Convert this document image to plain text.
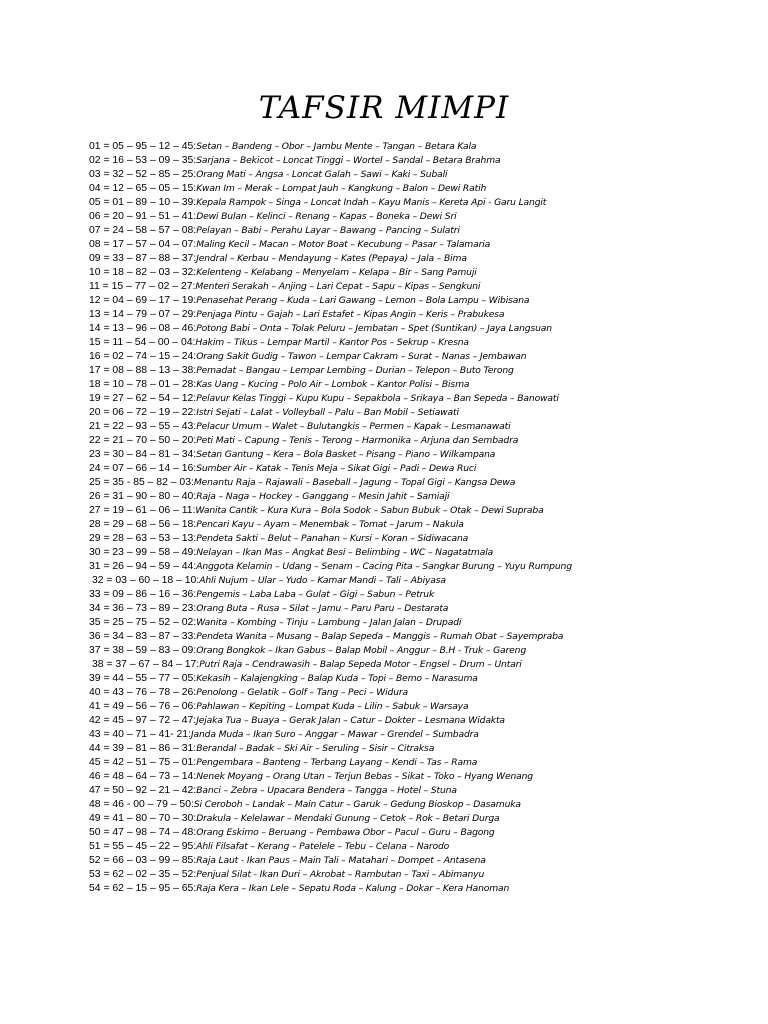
TAFSIR MIMPI
01 = 05 – 95 – 12 – 45:Setan – Bandeng – Obor – Jambu Mente – Tangan – Betara Kala
02 = 16 – 53 – 09 – 35:Sarjana – Bekicot – Loncat Tinggi – Wortel – Sandal – Betara Brahma
03 = 32 – 52 – 85 – 25:Orang Mati – Angsa - Loncat Galah – Sawi – Kaki – Subali
04 = 12 – 65 – 05 – 15:Kwan Im – Merak – Lompat Jauh – Kangkung – Balon – Dewi Ratih
05 = 01 – 89 – 10 – 39:Kepala Rampok – Singa – Loncat Indah – Kayu Manis – Kereta Api - Garu Langit
06 = 20 – 91 – 51 – 41:Dewi Bulan – Kelinci – Renang – Kapas – Boneka – Dewi Sri
07 = 24 – 58 – 57 – 08:Pelayan – Babi – Perahu Layar – Bawang – Pancing – Sulatri
08 = 17 – 57 – 04 – 07:Maling Kecil – Macan – Motor Boat – Kecubung – Pasar – Talamaria
09 = 33 – 87 – 88 – 37:Jendral – Kerbau – Mendayung – Kates (Pepaya) – Jala – Bima
10 = 18 – 82 – 03 – 32:Kelenteng – Kelabang – Menyelam – Kelapa – Bir – Sang Pamuji
11 = 15 – 77 – 02 – 27:Menteri Serakah – Anjing – Lari Cepat – Sapu – Kipas – Sengkuni
12 = 04 – 69 – 17 – 19:Penasehat Perang – Kuda – Lari Gawang – Lemon – Bola Lampu – Wibisana
13 = 14 – 79 – 07 – 29:Penjaga Pintu – Gajah – Lari Estafet – Kipas Angin – Keris – Prabukesa
14 = 13 – 96 – 08 – 46:Potong Babi – Onta – Tolak Peluru – Jembatan – Spet (Suntikan) – Jaya Langsuan
15 = 11 – 54 – 00 – 04:Hakim – Tikus – Lempar Martil – Kantor Pos – Sekrup – Kresna
16 = 02 – 74 – 15 – 24:Orang Sakit Gudig – Tawon – Lempar Cakram – Surat – Nanas – Jembawan
17 = 08 – 88 – 13 – 38:Pemadat – Bangau – Lempar Lembing – Durian – Telepon – Buto Terong
18 = 10 – 78 – 01 – 28:Kas Uang – Kucing – Polo Air – Lombok – Kantor Polisi – Bisma
19 = 27 – 62 – 54 – 12:Pelavur Kelas Tinggi – Kupu Kupu – Sepakbola – Srikaya – Ban Sepeda – Banowati
20 = 06 – 72 – 19 – 22:Istri Sejati – Lalat – Volleyball – Palu – Ban Mobil – Setiawati
21 = 22 – 93 – 55 – 43:Pelacur Umum – Walet – Bulutangkis – Permen – Kapak – Lesmanawati
22 = 21 – 70 – 50 – 20:Peti Mati – Capung – Tenis – Terong – Harmonika – Arjuna dan Sembadra
23 = 30 – 84 – 81 – 34:Setan Gantung – Kera – Bola Basket – Pisang – Piano – Wilkampana
24 = 07 – 66 – 14 – 16:Sumber Air – Katak – Tenis Meja – Sikat Gigi – Padi – Dewa Ruci
25 = 35 - 85 – 82 – 03:Menantu Raja – Rajawali – Baseball – Jagung – Topal Gigi – Kangsa Dewa
26 = 31 – 90 – 80 – 40:Raja – Naga – Hockey – Ganggang – Mesin Jahit – Samiaji
27 = 19 – 61 – 06 – 11:Wanita Cantik – Kura Kura – Bola Sodok – Sabun Bubuk – Otak – Dewi Supraba
28 = 29 – 68 – 56 – 18:Pencari Kayu – Ayam – Menembak – Tomat – Jarum – Nakula
29 = 28 – 63 – 53 – 13:Pendeta Sakti – Belut – Panahan – Kursi – Koran – Sidiwacana
30 = 23 – 99 – 58 – 49:Nelayan – Ikan Mas – Angkat Besi – Belimbing – WC – Nagatatmala
31 = 26 – 94 – 59 – 44:Anggota Kelamin – Udang – Senam – Cacing Pita – Sangkar Burung – Yuyu Rumpung
32 = 03 – 60 – 18 – 10:Ahli Nujum – Ular – Yudo – Kamar Mandi – Tali – Abiyasa
33 = 09 – 86 – 16 – 36:Pengemis – Laba Laba – Gulat – Gigi – Sabun – Petruk
34 = 36 – 73 – 89 – 23:Orang Buta – Rusa – Silat – Jamu – Paru Paru – Destarata
35 = 25 – 75 – 52 – 02:Wanita – Kombing – Tinju – Lambung – Jalan Jalan – Drupadi
36 = 34 – 83 – 87 – 33:Pendeta Wanita – Musang – Balap Sepeda – Manggis – Rumah Obat – Sayempraba
37 = 38 – 59 – 83 – 09:Orang Bongkok – Ikan Gabus – Balap Mobil – Anggur – B.H - Truk – Gareng
38 = 37 – 67 – 84 – 17:Putri Raja – Cendrawasih – Balap Sepeda Motor – Engsel – Drum – Untari
39 = 44 – 55 – 77 – 05:Kekasih – Kalajengking – Balap Kuda – Topi – Bemo – Narasuma
40 = 43 – 76 – 78 – 26:Penolong – Gelatik – Golf – Tang – Peci – Widura
41 = 49 – 56 – 76 – 06:Pahlawan – Kepiting – Lompat Kuda – Lilin – Sabuk – Warsaya
42 = 45 – 97 – 72 – 47:Jejaka Tua – Buaya – Gerak Jalan – Catur – Dokter – Lesmana Widakta
43 = 40 – 71 – 41- 21:Janda Muda – Ikan Suro – Anggar – Mawar – Grendel – Sumbadra
44 = 39 – 81 – 86 – 31:Berandal – Badak – Ski Air – Seruling – Sisir – Citraksa
45 = 42 – 51 – 75 – 01:Pengembara – Banteng – Terbang Layang – Kendi – Tas – Rama
46 = 48 – 64 – 73 – 14:Nenek Moyang – Orang Utan – Terjun Bebas – Sikat – Toko – Hyang Wenang
47 = 50 – 92 – 21 – 42:Banci – Zebra – Upacara Bendera – Tangga – Hotel – Stuna
48 = 46 - 00 – 79 – 50:Si Ceroboh – Landak – Main Catur – Garuk – Gedung Bioskop – Dasamuka
49 = 41 – 80 – 70 – 30:Drakula – Kelelawar – Mendaki Gunung – Cetok – Rok – Betari Durga
50 = 47 – 98 – 74 – 48:Orang Eskimo – Beruang – Pembawa Obor – Pacul – Guru – Bagong
51 = 55 – 45 – 22 – 95:Ahli Filsafat – Kerang – Patelele – Tebu – Celana – Narodo
52 = 66 – 03 – 99 – 85:Raja Laut - Ikan Paus – Main Tali – Matahari – Dompet – Antasena
53 = 62 – 02 – 35 – 52:Penjual Silat - Ikan Duri – Akrobat – Rambutan – Taxi – Abimanyu
54 = 62 – 15 – 95 – 65:Raja Kera – Ikan Lele – Sepatu Roda – Kalung – Dokar – Kera Hanoman
